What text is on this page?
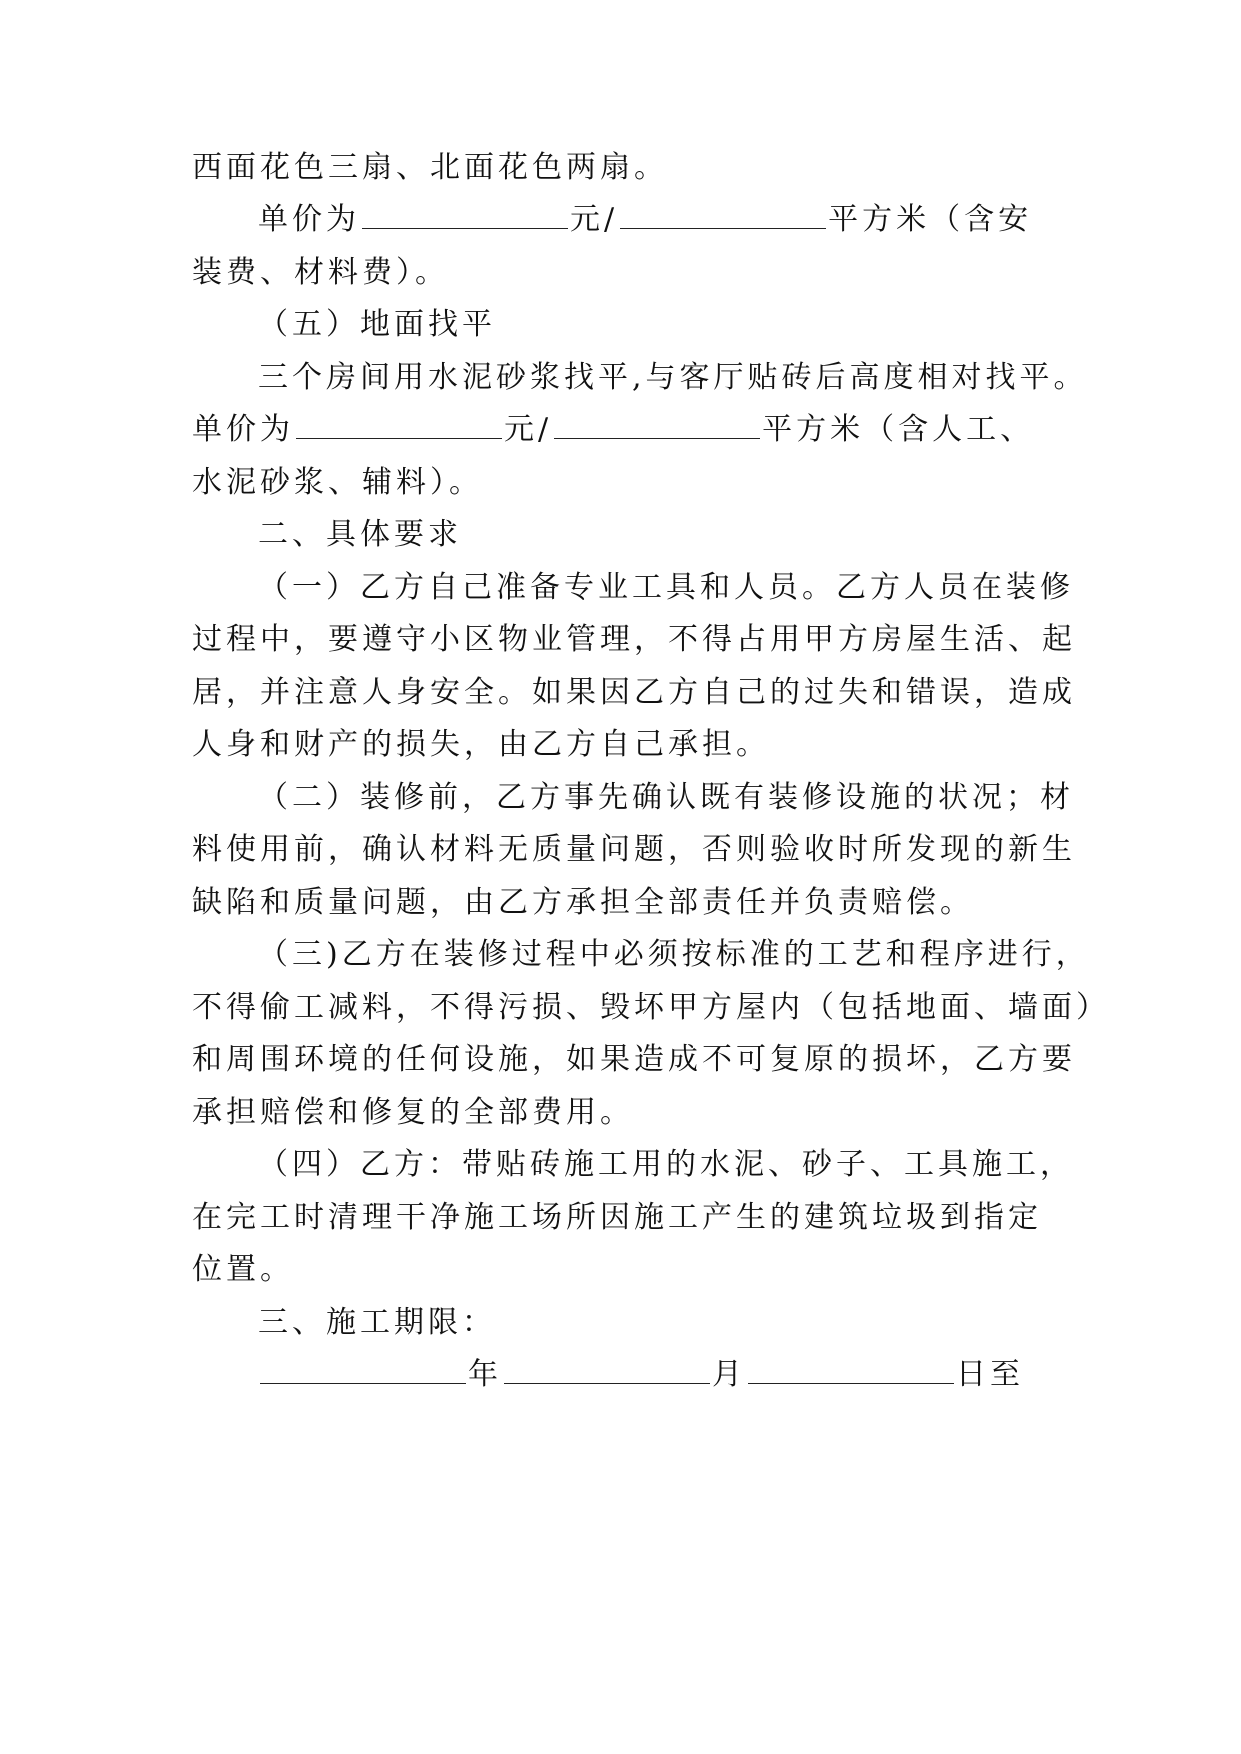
西面花色三扇、北面花色两扇。
单价为	元/	平方米（含安
装费、材料费）。
（五）地面找平
三个房间用水泥砂浆找平,与客厅贴砖后高度相对找平。
单价为	元/	平方米（含人工、
水泥砂浆、辅料）。
二、具体要求
（一）乙方自己准备专业工具和人员。乙方人员在装修
过程中，要遵守小区物业管理，不得占用甲方房屋生活、起
居，并注意人身安全。如果因乙方自己的过失和错误，造成
人身和财产的损失，由乙方自己承担。
（二）装修前，乙方事先确认既有装修设施的状况；材
料使用前，确认材料无质量问题，否则验收时所发现的新生
缺陷和质量问题，由乙方承担全部责任并负责赔偿。
（三)乙方在装修过程中必须按标准的工艺和程序进行，
不得偷工减料，不得污损、毁坏甲方屋内（包括地面、墙面）
和周围环境的任何设施，如果造成不可复原的损坏，乙方要
承担赔偿和修复的全部费用。
（四）乙方：带贴砖施工用的水泥、砂子、工具施工，
在完工时清理干净施工场所因施工产生的建筑垃圾到指定
位置。
三、施工期限：
年	月	日至
